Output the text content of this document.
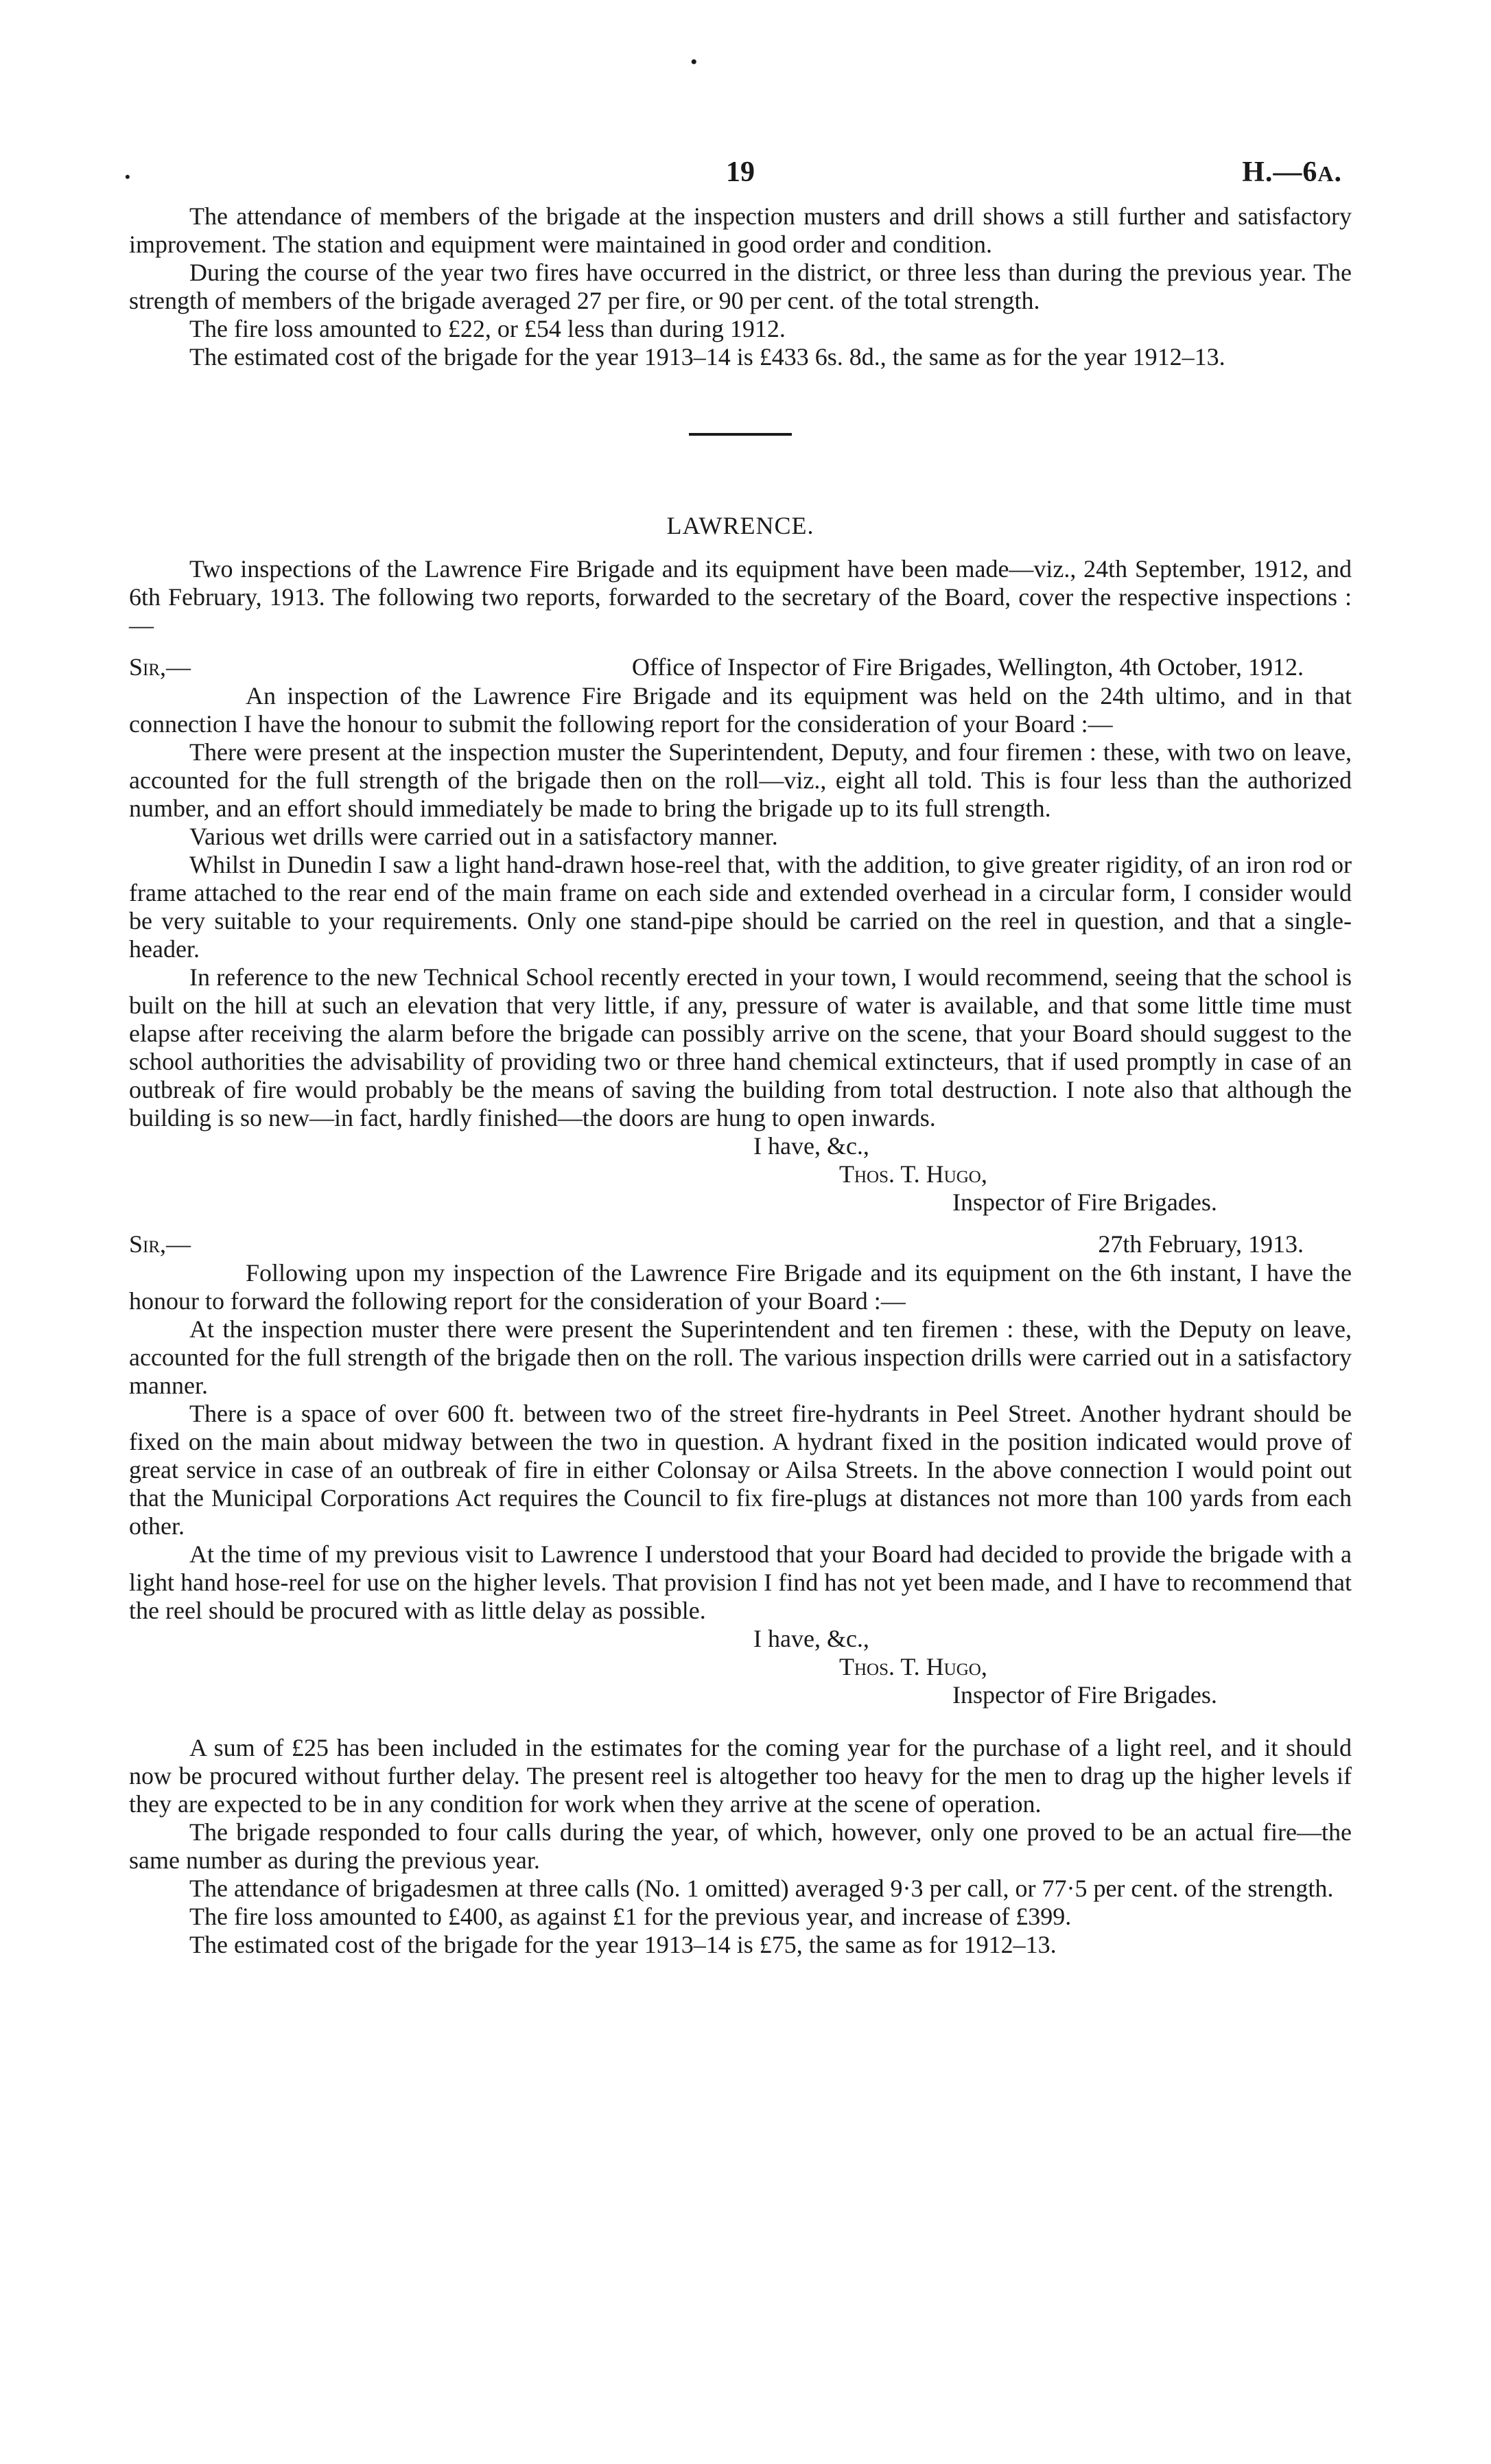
•
•	19	H.—6A.

The attendance of members of the brigade at the inspection musters and drill shows a still further and satisfactory improvement. The station and equipment were maintained in good order and condition.

During the course of the year two fires have occurred in the district, or three less than during the previous year. The strength of members of the brigade averaged 27 per fire, or 90 per cent. of the total strength.

The fire loss amounted to £22, or £54 less than during 1912.

The estimated cost of the brigade for the year 1913–14 is £433 6s. 8d., the same as for the year 1912–13.

LAWRENCE.

Two inspections of the Lawrence Fire Brigade and its equipment have been made—viz., 24th September, 1912, and 6th February, 1913. The following two reports, forwarded to the secretary of the Board, cover the respective inspections :—

Sir,—	Office of Inspector of Fire Brigades, Wellington, 4th October, 1912.

An inspection of the Lawrence Fire Brigade and its equipment was held on the 24th ultimo, and in that connection I have the honour to submit the following report for the consideration of your Board :—

There were present at the inspection muster the Superintendent, Deputy, and four firemen : these, with two on leave, accounted for the full strength of the brigade then on the roll—viz., eight all told. This is four less than the authorized number, and an effort should immediately be made to bring the brigade up to its full strength.

Various wet drills were carried out in a satisfactory manner.

Whilst in Dunedin I saw a light hand-drawn hose-reel that, with the addition, to give greater rigidity, of an iron rod or frame attached to the rear end of the main frame on each side and extended overhead in a circular form, I consider would be very suitable to your requirements. Only one stand-pipe should be carried on the reel in question, and that a single-header.

In reference to the new Technical School recently erected in your town, I would recommend, seeing that the school is built on the hill at such an elevation that very little, if any, pressure of water is available, and that some little time must elapse after receiving the alarm before the brigade can possibly arrive on the scene, that your Board should suggest to the school authorities the advisability of providing two or three hand chemical extincteurs, that if used promptly in case of an outbreak of fire would probably be the means of saving the building from total destruction. I note also that although the building is so new—in fact, hardly finished—the doors are hung to open inwards.

I have, &c.,
Thos. T. Hugo,
Inspector of Fire Brigades.
Sir,—	27th February, 1913.

Following upon my inspection of the Lawrence Fire Brigade and its equipment on the 6th instant, I have the honour to forward the following report for the consideration of your Board :—

At the inspection muster there were present the Superintendent and ten firemen : these, with the Deputy on leave, accounted for the full strength of the brigade then on the roll. The various inspection drills were carried out in a satisfactory manner.

There is a space of over 600 ft. between two of the street fire-hydrants in Peel Street. Another hydrant should be fixed on the main about midway between the two in question. A hydrant fixed in the position indicated would prove of great service in case of an outbreak of fire in either Colonsay or Ailsa Streets. In the above connection I would point out that the Municipal Corporations Act requires the Council to fix fire-plugs at distances not more than 100 yards from each other.

At the time of my previous visit to Lawrence I understood that your Board had decided to provide the brigade with a light hand hose-reel for use on the higher levels. That provision I find has not yet been made, and I have to recommend that the reel should be procured with as little delay as possible.

I have, &c.,
Thos. T. Hugo,
Inspector of Fire Brigades.

A sum of £25 has been included in the estimates for the coming year for the purchase of a light reel, and it should now be procured without further delay. The present reel is altogether too heavy for the men to drag up the higher levels if they are expected to be in any condition for work when they arrive at the scene of operation.

The brigade responded to four calls during the year, of which, however, only one proved to be an actual fire—the same number as during the previous year.

The attendance of brigadesmen at three calls (No. 1 omitted) averaged 9·3 per call, or 77·5 per cent. of the strength.

The fire loss amounted to £400, as against £1 for the previous year, and increase of £399.

The estimated cost of the brigade for the year 1913–14 is £75, the same as for 1912–13.
